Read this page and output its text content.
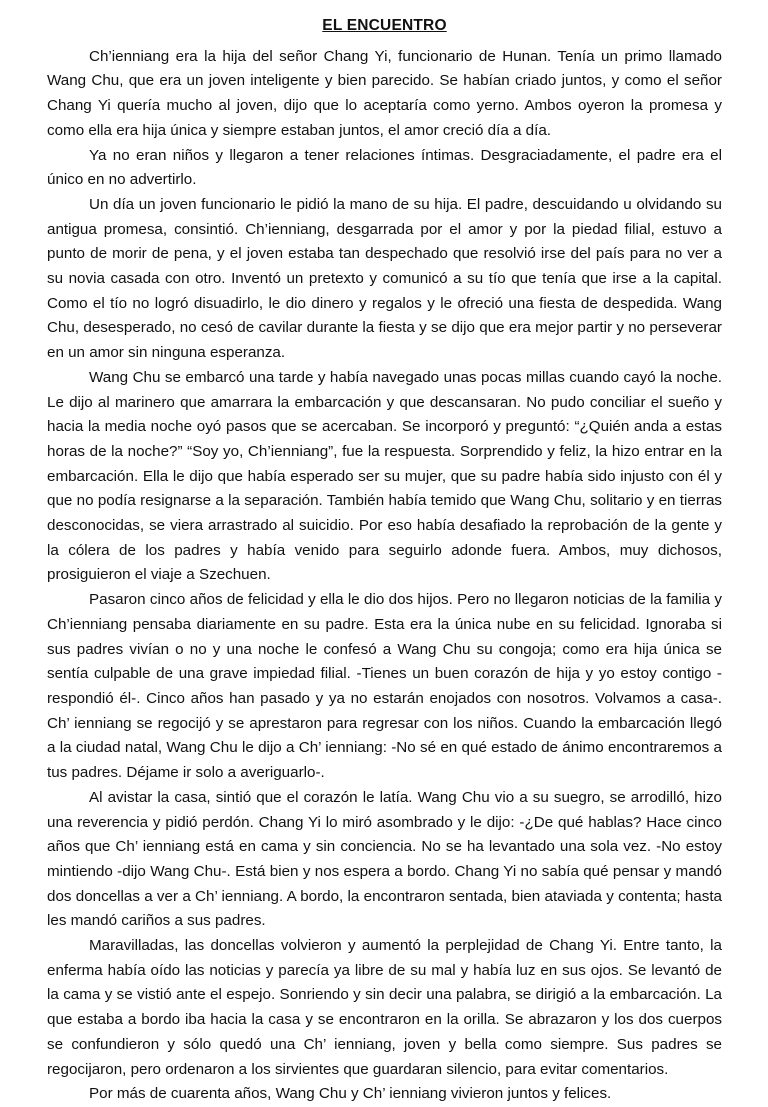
EL ENCUENTRO

Ch’ienniang era la hija del señor Chang Yi, funcionario de Hunan. Tenía un primo llamado Wang Chu, que era un joven inteligente y bien parecido. Se habían criado juntos, y como el señor Chang Yi quería mucho al joven, dijo que lo aceptaría como yerno. Ambos oyeron la promesa y como ella era hija única y siempre estaban juntos, el amor creció día a día.

Ya no eran niños y llegaron a tener relaciones íntimas. Desgraciadamente, el padre era el único en no advertirlo.

Un día un joven funcionario le pidió la mano de su hija. El padre, descuidando u olvidando su antigua promesa, consintió. Ch’ienniang, desgarrada por el amor y por la piedad filial, estuvo a punto de morir de pena, y el joven estaba tan despechado que resolvió irse del país para no ver a su novia casada con otro. Inventó un pretexto y comunicó a su tío que tenía que irse a la capital. Como el tío no logró disuadirlo, le dio dinero y regalos y le ofreció una fiesta de despedida. Wang Chu, desesperado, no cesó de cavilar durante la fiesta y se dijo que era mejor partir y no perseverar en un amor sin ninguna esperanza.

Wang Chu se embarcó una tarde y había navegado unas pocas millas cuando cayó la noche. Le dijo al marinero que amarrara la embarcación y que descansaran. No pudo conciliar el sueño y hacia la media noche oyó pasos que se acercaban. Se incorporó y preguntó: “¿Quién anda a estas horas de la noche?” “Soy yo, Ch’ienniang”, fue la respuesta. Sorprendido y feliz, la hizo entrar en la embarcación. Ella le dijo que había esperado ser su mujer, que su padre había sido injusto con él y que no podía resignarse a la separación. También había temido que Wang Chu, solitario y en tierras desconocidas, se viera arrastrado al suicidio. Por eso había desafiado la reprobación de la gente y la cólera de los padres y había venido para seguirlo adonde fuera. Ambos, muy dichosos, prosiguieron el viaje a Szechuen.

Pasaron cinco años de felicidad y ella le dio dos hijos. Pero no llegaron noticias de la familia y Ch’ienniang pensaba diariamente en su padre. Esta era la única nube en su felicidad. Ignoraba si sus padres vivían o no y una noche le confesó a Wang Chu su congoja; como era hija única se sentía culpable de una grave impiedad filial. -Tienes un buen corazón de hija y yo estoy contigo -respondió él-. Cinco años han pasado y ya no estarán enojados con nosotros. Volvamos a casa-. Ch’ ienniang se regocijó y se aprestaron para regresar con los niños. Cuando la embarcación llegó a la ciudad natal, Wang Chu le dijo a Ch’ ienniang: -No sé en qué estado de ánimo encontraremos a tus padres. Déjame ir solo a averiguarlo-.

Al avistar la casa, sintió que el corazón le latía. Wang Chu vio a su suegro, se arrodilló, hizo una reverencia y pidió perdón. Chang Yi lo miró asombrado y le dijo: -¿De qué hablas? Hace cinco años que Ch’ ienniang está en cama y sin conciencia. No se ha levantado una sola vez. -No estoy mintiendo -dijo Wang Chu-. Está bien y nos espera a bordo. Chang Yi no sabía qué pensar y mandó dos doncellas a ver a Ch’ ienniang. A bordo, la encontraron sentada, bien ataviada y contenta; hasta les mandó cariños a sus padres.

Maravilladas, las doncellas volvieron y aumentó la perplejidad de Chang Yi. Entre tanto, la enferma había oído las noticias y parecía ya libre de su mal y había luz en sus ojos. Se levantó de la cama y se vistió ante el espejo. Sonriendo y sin decir una palabra, se dirigió a la embarcación. La que estaba a bordo iba hacia la casa y se encontraron en la orilla. Se abrazaron y los dos cuerpos se confundieron y sólo quedó una Ch’ ienniang, joven y bella como siempre. Sus padres se regocijaron, pero ordenaron a los sirvientes que guardaran silencio, para evitar comentarios.

Por más de cuarenta años, Wang Chu y Ch’ ienniang vivieron juntos y felices.
